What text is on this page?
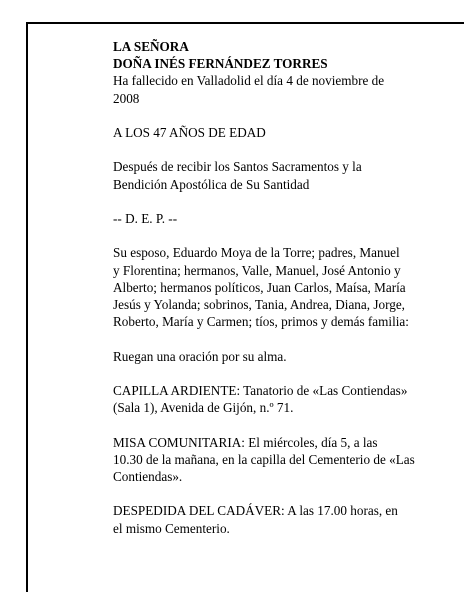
LA SEÑORA
DOÑA INÉS FERNÁNDEZ TORRES
Ha fallecido en Valladolid el día 4 de noviembre de
2008

A LOS 47 AÑOS DE EDAD

Después de recibir los Santos Sacramentos y la
Bendición Apostólica de Su Santidad

-- D. E. P. --

Su esposo, Eduardo Moya de la Torre; padres, Manuel
y Florentina; hermanos, Valle, Manuel, José Antonio y
Alberto; hermanos políticos, Juan Carlos, Maísa, María
Jesús y Yolanda; sobrinos, Tania, Andrea, Diana, Jorge,
Roberto, María y Carmen; tíos, primos y demás familia:

Ruegan una oración por su alma.

CAPILLA ARDIENTE: Tanatorio de «Las Contiendas»
(Sala 1), Avenida de Gijón, n.º 71.

MISA COMUNITARIA: El miércoles, día 5, a las
10.30 de la mañana, en la capilla del Cementerio de «Las
Contiendas».

DESPEDIDA DEL CADÁVER: A las 17.00 horas, en
el mismo Cementerio.
